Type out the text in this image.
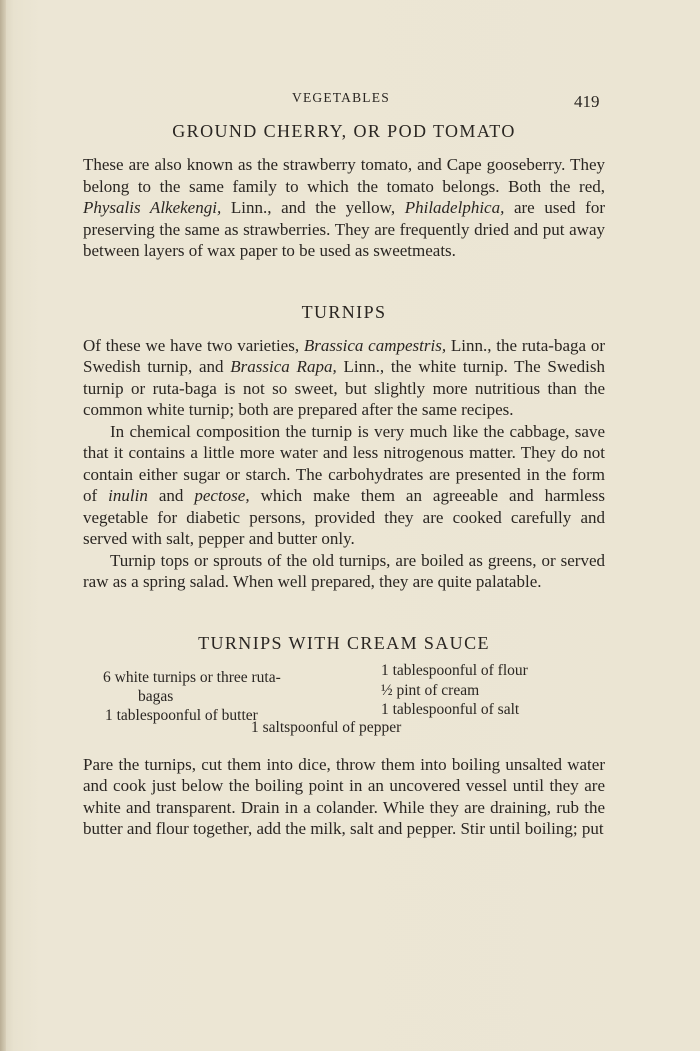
VEGETABLES	419
GROUND CHERRY, OR POD TOMATO

These are also known as the strawberry tomato, and Cape gooseberry. They belong to the same family to which the tomato belongs. Both the red, Physalis Alkekengi, Linn., and the yellow, Philadelphica, are used for preserving the same as strawberries. They are frequently dried and put away between layers of wax paper to be used as sweetmeats.

TURNIPS

Of these we have two varieties, Brassica campestris, Linn., the ruta-baga or Swedish turnip, and Brassica Rapa, Linn., the white turnip. The Swedish turnip or ruta-baga is not so sweet, but slightly more nutritious than the common white turnip; both are prepared after the same recipes.

In chemical composition the turnip is very much like the cabbage, save that it contains a little more water and less nitrogenous matter. They do not contain either sugar or starch. The carbohydrates are presented in the form of inulin and pectose, which make them an agreeable and harmless vegetable for diabetic persons, provided they are cooked carefully and served with salt, pepper and butter only.

Turnip tops or sprouts of the old turnips, are boiled as greens, or served raw as a spring salad. When well prepared, they are quite palatable.

TURNIPS WITH CREAM SAUCE
6 white turnips or three ruta-
bagas
1 tablespoonful of butter
1 tablespoonful of flour
½ pint of cream
1 tablespoonful of salt
1 saltspoonful of pepper

Pare the turnips, cut them into dice, throw them into boiling unsalted water and cook just below the boiling point in an uncovered vessel until they are white and transparent. Drain in a colander. While they are draining, rub the butter and flour together, add the milk, salt and pepper. Stir until boiling; put
